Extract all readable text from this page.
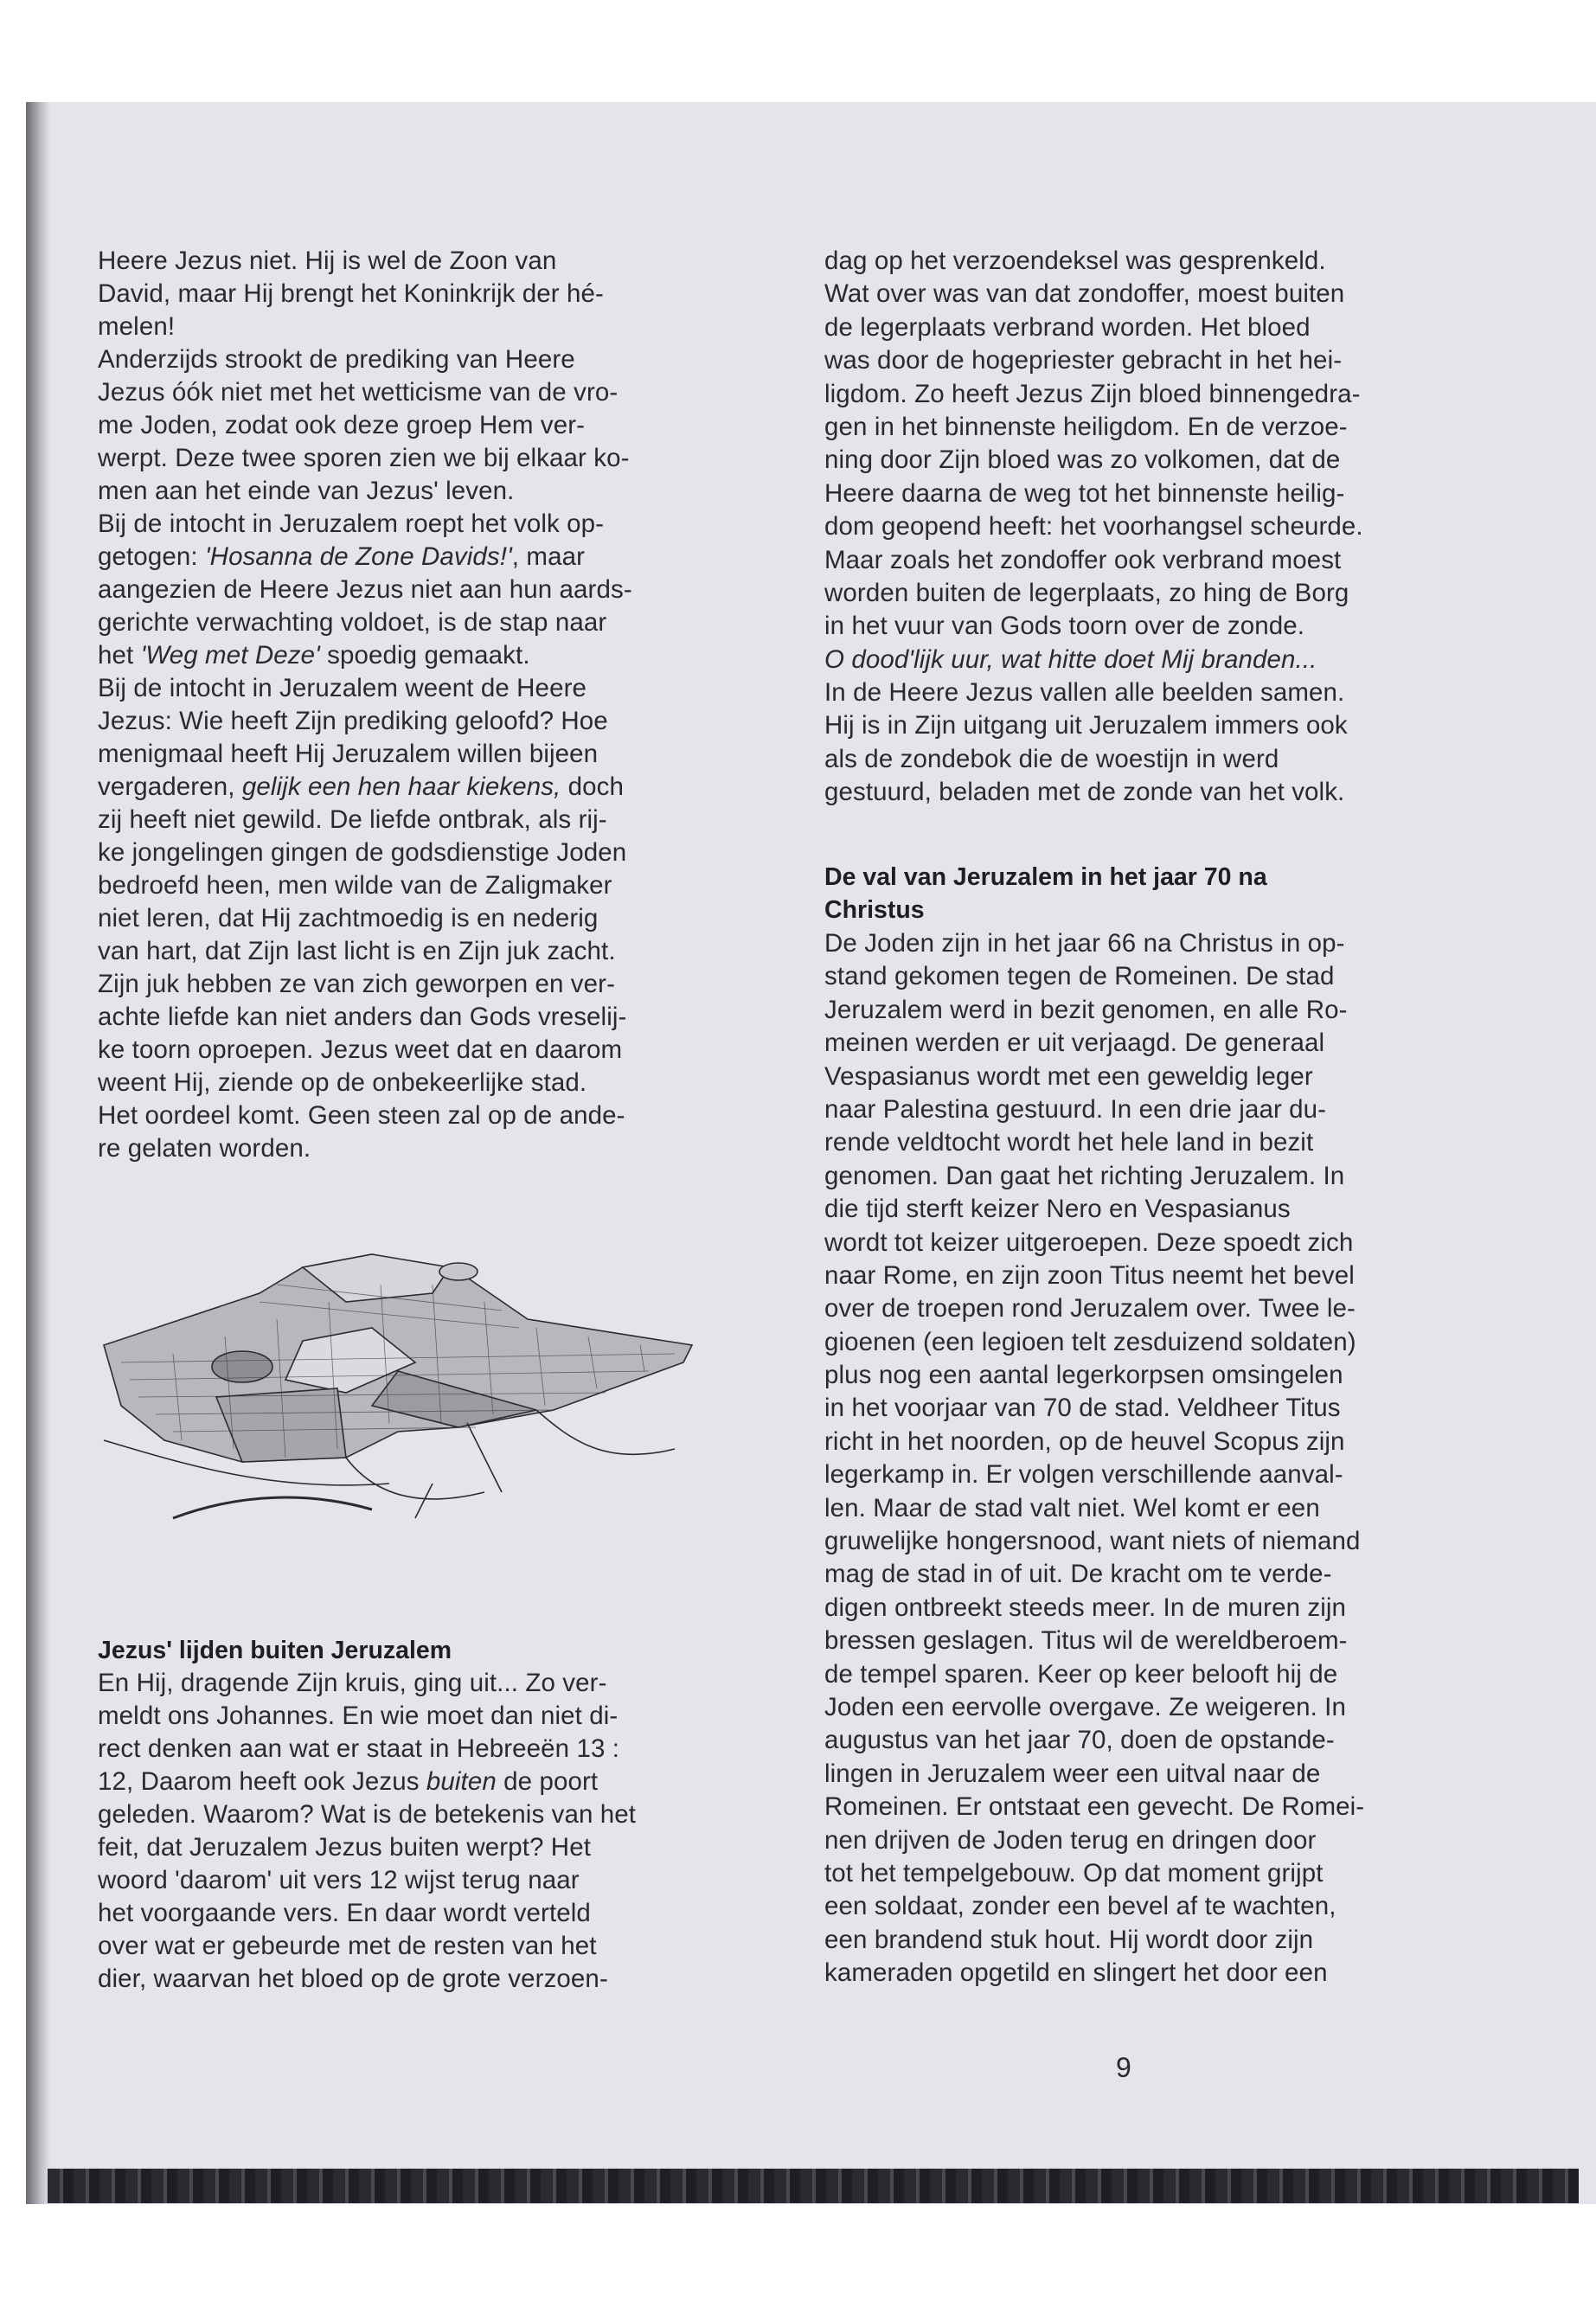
Heere Jezus niet. Hij is wel de Zoon van
David, maar Hij brengt het Koninkrijk der hé-
melen!
Anderzijds strookt de prediking van Heere
Jezus óók niet met het wetticisme van de vro-
me Joden, zodat ook deze groep Hem ver-
werpt. Deze twee sporen zien we bij elkaar ko-
men aan het einde van Jezus' leven.
Bij de intocht in Jeruzalem roept het volk op-
getogen: 'Hosanna de Zone Davids!', maar
aangezien de Heere Jezus niet aan hun aards-
gerichte verwachting voldoet, is de stap naar
het 'Weg met Deze' spoedig gemaakt.
Bij de intocht in Jeruzalem weent de Heere
Jezus: Wie heeft Zijn prediking geloofd? Hoe
menigmaal heeft Hij Jeruzalem willen bijeen
vergaderen, gelijk een hen haar kiekens, doch
zij heeft niet gewild. De liefde ontbrak, als rij-
ke jongelingen gingen de godsdienstige Joden
bedroefd heen, men wilde van de Zaligmaker
niet leren, dat Hij zachtmoedig is en nederig
van hart, dat Zijn last licht is en Zijn juk zacht.
Zijn juk hebben ze van zich geworpen en ver-
achte liefde kan niet anders dan Gods vreselij-
ke toorn oproepen. Jezus weet dat en daarom
weent Hij, ziende op de onbekeerlijke stad.
Het oordeel komt. Geen steen zal op de ande-
re gelaten worden.
Jezus' lijden buiten Jeruzalem
En Hij, dragende Zijn kruis, ging uit... Zo ver-
meldt ons Johannes. En wie moet dan niet di-
rect denken aan wat er staat in Hebreeën 13 :
12, Daarom heeft ook Jezus buiten de poort
geleden. Waarom? Wat is de betekenis van het
feit, dat Jeruzalem Jezus buiten werpt? Het
woord 'daarom' uit vers 12 wijst terug naar
het voorgaande vers. En daar wordt verteld
over wat er gebeurde met de resten van het
dier, waarvan het bloed op de grote verzoen-
dag op het verzoendeksel was gesprenkeld.
Wat over was van dat zondoffer, moest buiten
de legerplaats verbrand worden. Het bloed
was door de hogepriester gebracht in het hei-
ligdom. Zo heeft Jezus Zijn bloed binnengedra-
gen in het binnenste heiligdom. En de verzoe-
ning door Zijn bloed was zo volkomen, dat de
Heere daarna de weg tot het binnenste heilig-
dom geopend heeft: het voorhangsel scheurde.
Maar zoals het zondoffer ook verbrand moest
worden buiten de legerplaats, zo hing de Borg
in het vuur van Gods toorn over de zonde.
O dood'lijk uur, wat hitte doet Mij branden...
In de Heere Jezus vallen alle beelden samen.
Hij is in Zijn uitgang uit Jeruzalem immers ook
als de zondebok die de woestijn in werd
gestuurd, beladen met de zonde van het volk.
De val van Jeruzalem in het jaar 70 na
Christus
De Joden zijn in het jaar 66 na Christus in op-
stand gekomen tegen de Romeinen. De stad
Jeruzalem werd in bezit genomen, en alle Ro-
meinen werden er uit verjaagd. De generaal
Vespasianus wordt met een geweldig leger
naar Palestina gestuurd. In een drie jaar du-
rende veldtocht wordt het hele land in bezit
genomen. Dan gaat het richting Jeruzalem. In
die tijd sterft keizer Nero en Vespasianus
wordt tot keizer uitgeroepen. Deze spoedt zich
naar Rome, en zijn zoon Titus neemt het bevel
over de troepen rond Jeruzalem over. Twee le-
gioenen (een legioen telt zesduizend soldaten)
plus nog een aantal legerkorpsen omsingelen
in het voorjaar van 70 de stad. Veldheer Titus
richt in het noorden, op de heuvel Scopus zijn
legerkamp in. Er volgen verschillende aanval-
len. Maar de stad valt niet. Wel komt er een
gruwelijke hongersnood, want niets of niemand
mag de stad in of uit. De kracht om te verde-
digen ontbreekt steeds meer. In de muren zijn
bressen geslagen. Titus wil de wereldberoem-
de tempel sparen. Keer op keer belooft hij de
Joden een eervolle overgave. Ze weigeren. In
augustus van het jaar 70, doen de opstande-
lingen in Jeruzalem weer een uitval naar de
Romeinen. Er ontstaat een gevecht. De Romei-
nen drijven de Joden terug en dringen door
tot het tempelgebouw. Op dat moment grijpt
een soldaat, zonder een bevel af te wachten,
een brandend stuk hout. Hij wordt door zijn
kameraden opgetild en slingert het door een
9
